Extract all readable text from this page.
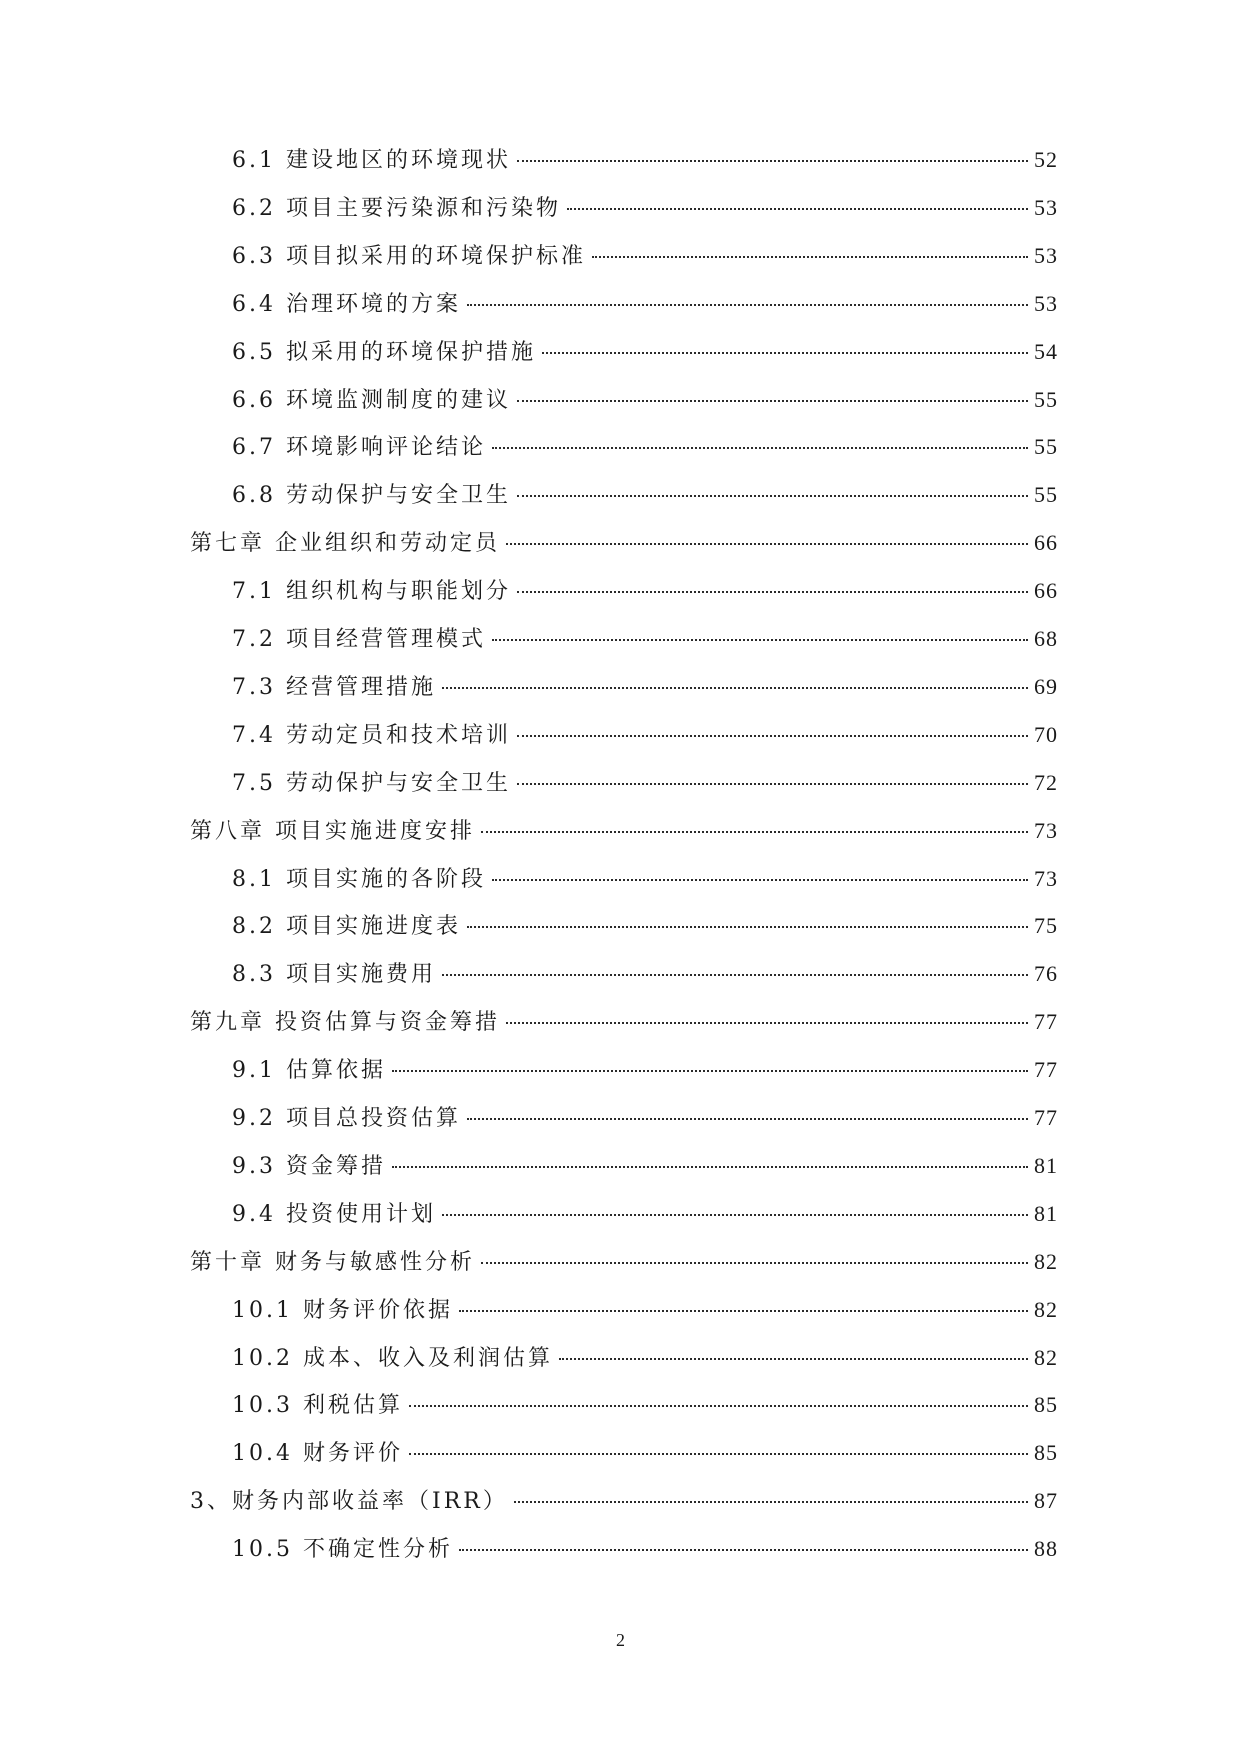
6.1 建设地区的环境现状	52
6.2 项目主要污染源和污染物	53
6.3 项目拟采用的环境保护标准	53
6.4 治理环境的方案	53
6.5 拟采用的环境保护措施	54
6.6 环境监测制度的建议	55
6.7 环境影响评论结论	55
6.8 劳动保护与安全卫生	55
第七章 企业组织和劳动定员	66
7.1 组织机构与职能划分	66
7.2 项目经营管理模式	68
7.3 经营管理措施	69
7.4 劳动定员和技术培训	70
7.5 劳动保护与安全卫生	72
第八章 项目实施进度安排	73
8.1 项目实施的各阶段	73
8.2 项目实施进度表	75
8.3 项目实施费用	76
第九章 投资估算与资金筹措	77
9.1 估算依据	77
9.2 项目总投资估算	77
9.3 资金筹措	81
9.4 投资使用计划	81
第十章 财务与敏感性分析	82
10.1 财务评价依据	82
10.2 成本、收入及利润估算	82
10.3 利税估算	85
10.4 财务评价	85
3、财务内部收益率（IRR）	87
10.5 不确定性分析	88
2
